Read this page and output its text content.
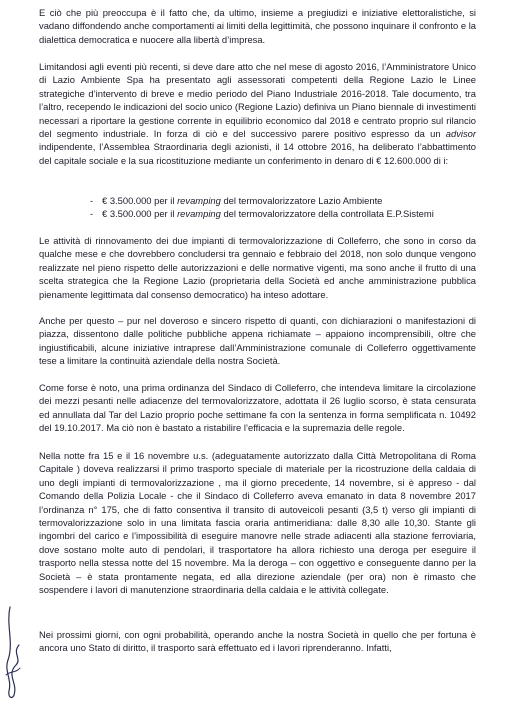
E ciò che più preoccupa è il fatto che, da ultimo, insieme a pregiudizi e iniziative elettoralistiche, si vadano diffondendo anche comportamenti ai limiti della legittimità, che possono inquinare il confronto e la dialettica democratica e nuocere alla libertà d’impresa.

Limitandosi agli eventi più recenti, si deve dare atto che nel mese di agosto 2016, l’Amministratore Unico di Lazio Ambiente Spa ha presentato agli assessorati competenti della Regione Lazio le Linee strategiche d’intervento di breve e medio periodo del Piano Industriale 2016-2018. Tale documento, tra l’altro, recependo le indicazioni del socio unico (Regione Lazio) definiva un Piano biennale di investimenti necessari a riportare la gestione corrente in equilibrio economico dal 2018 e centrato proprio sul rilancio del segmento industriale. In forza di ciò e del successivo parere positivo espresso da un advisor indipendente, l’Assemblea Straordinaria degli azionisti, il 14 ottobre 2016, ha deliberato l’abbattimento del capitale sociale e la sua ricostituzione mediante un conferimento in denaro di € 12.600.000 di i:

- € 3.500.000 per il revamping del termovalorizzatore Lazio Ambiente
- € 3.500.000 per il revamping del termovalorizzatore della controllata E.P.Sistemi

Le attività di rinnovamento dei due impianti di termovalorizzazione di Colleferro, che sono in corso da qualche mese e che dovrebbero concludersi tra gennaio e febbraio del 2018, non solo dunque vengono realizzate nel pieno rispetto delle autorizzazioni e delle normative vigenti, ma sono anche il frutto di una scelta strategica che la Regione Lazio (proprietaria della Società ed anche amministrazione pubblica pienamente legittimata dal consenso democratico) ha inteso adottare.

Anche per questo – pur nel doveroso e sincero rispetto di quanti, con dichiarazioni o manifestazioni di piazza, dissentono dalle politiche pubbliche appena richiamate – appaiono incomprensibili, oltre che ingiustificabili, alcune iniziative intraprese dall’Amministrazione comunale di Colleferro oggettivamente tese a limitare la continuità aziendale della nostra Società.

Come forse è noto, una prima ordinanza del Sindaco di Colleferro, che intendeva limitare la circolazione dei mezzi pesanti nelle adiacenze del termovalorizzatore, adottata il 26 luglio scorso, è stata censurata ed annullata dal Tar del Lazio proprio poche settimane fa con la sentenza in forma semplificata n. 10492 del 19.10.2017. Ma ciò non è bastato a ristabilire l’efficacia e la supremazia delle regole.

Nella notte fra 15 e il 16 novembre u.s. (adeguatamente autorizzato dalla Città Metropolitana di Roma Capitale ) doveva realizzarsi il primo trasporto speciale di materiale per la ricostruzione della caldaia di uno degli impianti di termovalorizzazione , ma il giorno precedente, 14 novembre, si è appreso - dal Comando della Polizia Locale - che il Sindaco di Colleferro aveva emanato in data 8 novembre 2017 l’ordinanza n° 175, che di fatto consentiva il transito di autoveicoli pesanti (3,5 t) verso gli impianti di termovalorizzazione solo in una limitata fascia oraria antimeridiana: dalle 8,30 alle 10,30. Stante gli ingombri del carico e l’impossibilità di eseguire manovre nelle strade adiacenti alla stazione ferroviaria, dove sostano molte auto di pendolari, il trasportatore ha allora richiesto una deroga per eseguire il trasporto nella stessa notte del 15 novembre. Ma la deroga – con oggettivo e conseguente danno per la Società – è stata prontamente negata, ed alla direzione aziendale (per ora) non è rimasto che sospendere i lavori di manutenzione straordinaria della caldaia e le attività collegate.

Nei prossimi giorni, con ogni probabilità, operando anche la nostra Società in quello che per fortuna è ancora uno Stato di diritto, il trasporto sarà effettuato ed i lavori riprenderanno. Infatti,
